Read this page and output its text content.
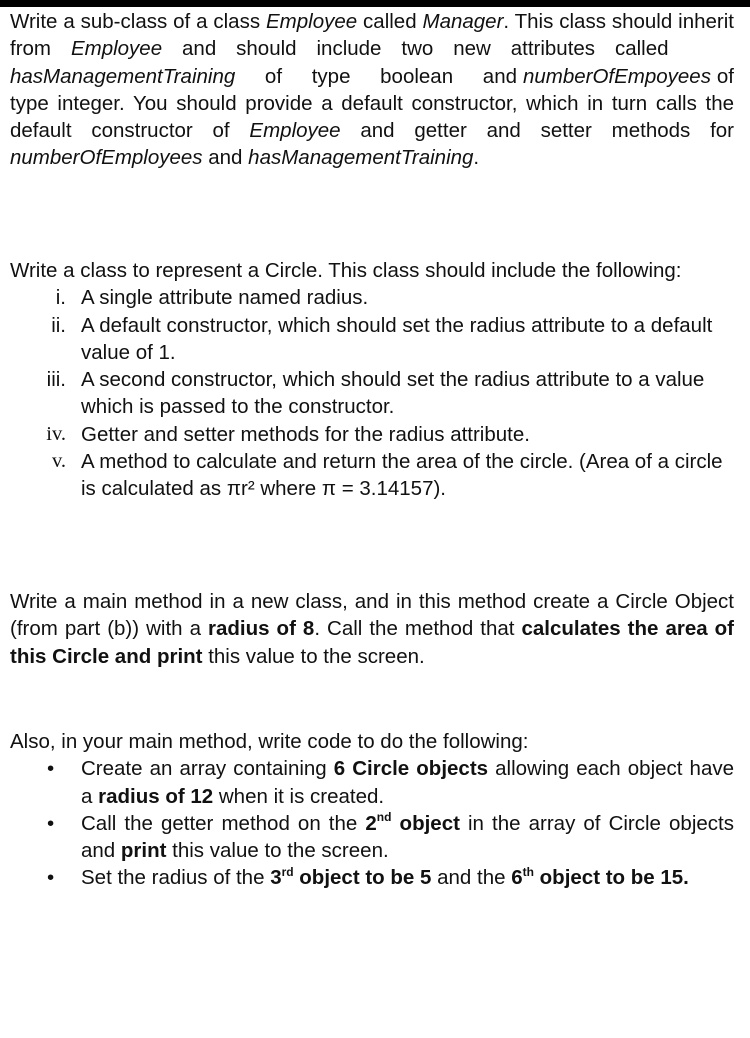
Write a sub-class of a class Employee called Manager. This class should inherit from Employee and should include two new attributes called     hasManagementTraining     of     type     boolean     and numberOfEmpoyees of type integer. You should provide a default constructor, which in turn calls the default constructor of Employee and getter and setter methods for numberOfEmployees and hasManagementTraining.

Write a class to represent a Circle. This class should include the following:

i. A single attribute named radius.
ii. A default constructor, which should set the radius attribute to a default value of 1.
iii. A second constructor, which should set the radius attribute to a value which is passed to the constructor.
iv. Getter and setter methods for the radius attribute.
v. A method to calculate and return the area of the circle. (Area of a circle is calculated as πr² where π = 3.14157).

Write a main method in a new class, and in this method create a Circle Object (from part (b)) with a radius of 8. Call the method that calculates the area of this Circle and print this value to the screen.

Also, in your main method, write code to do the following:

• Create an array containing 6 Circle objects allowing each object have a radius of 12 when it is created.
• Call the getter method on the 2nd object in the array of Circle objects and print this value to the screen.
• Set the radius of the 3rd object to be 5 and the 6th object to be 15.
